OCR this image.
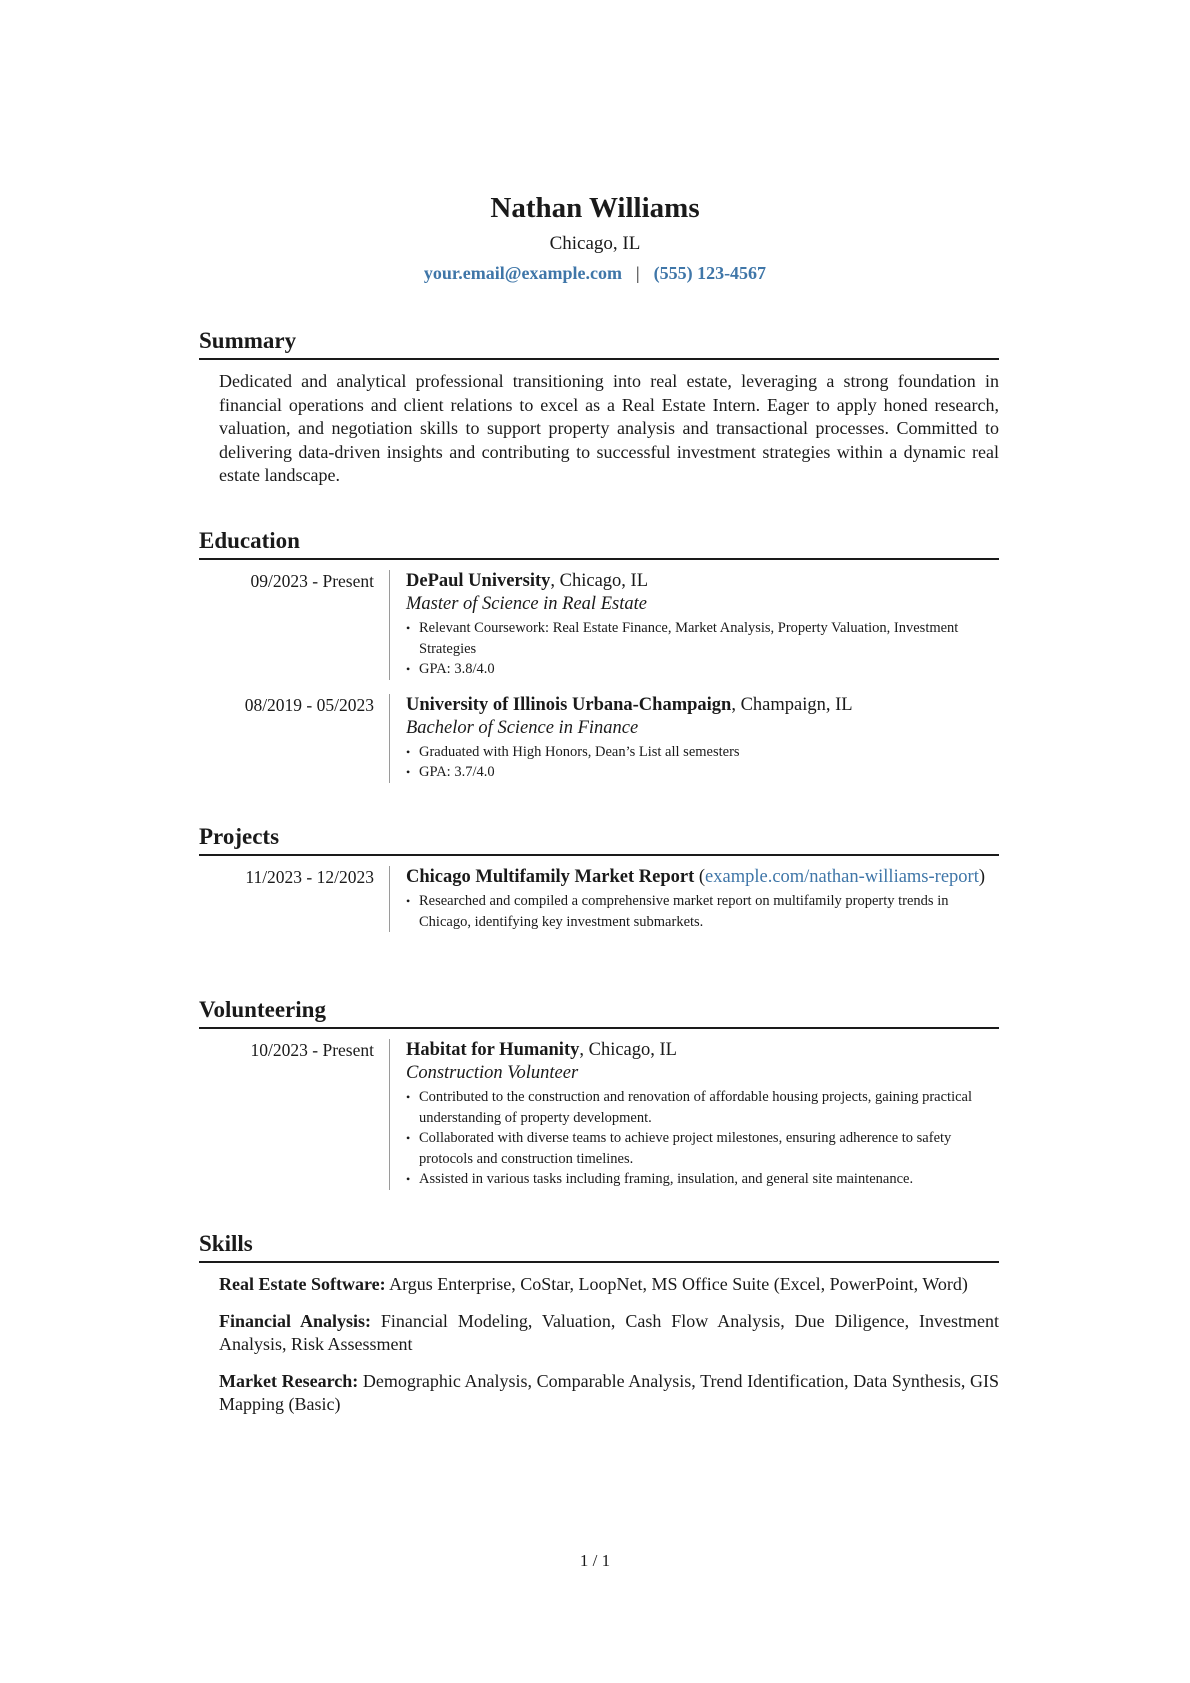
Nathan Williams
Chicago, IL
your.email@example.com | (555) 123-4567
Summary
Dedicated and analytical professional transitioning into real estate, leveraging a strong foundation in financial operations and client relations to excel as a Real Estate Intern. Eager to apply honed research, valuation, and negotiation skills to support property analysis and transactional processes. Committed to delivering data-driven insights and contributing to successful investment strategies within a dynamic real estate landscape.
Education
09/2023 - Present	DePaul University, Chicago, IL
Master of Science in Real Estate
• Relevant Coursework: Real Estate Finance, Market Analysis, Property Valuation, Investment Strategies
• GPA: 3.8/4.0
08/2019 - 05/2023	University of Illinois Urbana-Champaign, Champaign, IL
Bachelor of Science in Finance
• Graduated with High Honors, Dean’s List all semesters
• GPA: 3.7/4.0
Projects
11/2023 - 12/2023	Chicago Multifamily Market Report (example.com/nathan-williams-report)
• Researched and compiled a comprehensive market report on multifamily property trends in Chicago, identifying key investment submarkets.
Volunteering
10/2023 - Present	Habitat for Humanity, Chicago, IL
Construction Volunteer
• Contributed to the construction and renovation of affordable housing projects, gaining practical understanding of property development.
• Collaborated with diverse teams to achieve project milestones, ensuring adherence to safety protocols and construction timelines.
• Assisted in various tasks including framing, insulation, and general site maintenance.
Skills
Real Estate Software: Argus Enterprise, CoStar, LoopNet, MS Office Suite (Excel, PowerPoint, Word)
Financial Analysis: Financial Modeling, Valuation, Cash Flow Analysis, Due Diligence, Investment Analysis, Risk Assessment
Market Research: Demographic Analysis, Comparable Analysis, Trend Identification, Data Synthesis, GIS Mapping (Basic)
1 / 1
